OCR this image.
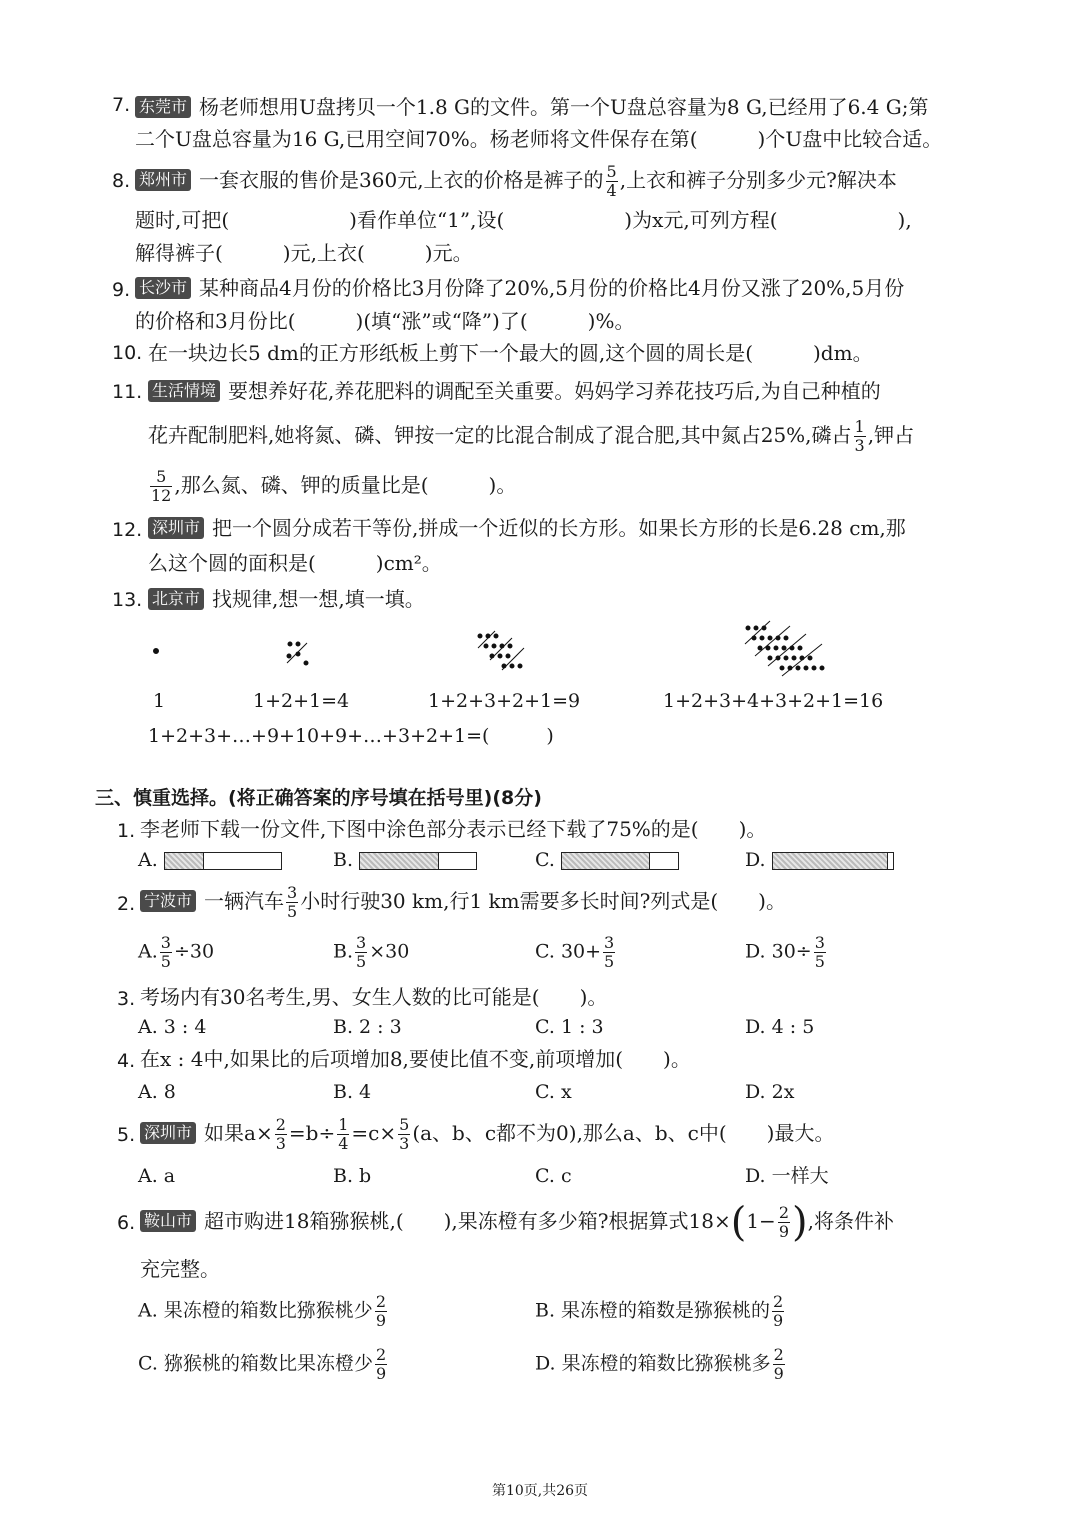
7. 东莞市 杨老师想用U盘拷贝一个1.8 G的文件。第一个U盘总容量为8 G,已经用了6.4 G;第
二个U盘总容量为16 G,已用空间70%。杨老师将文件保存在第(　　　)个U盘中比较合适。
8. 郑州市 一套衣服的售价是360元,上衣的价格是裤子的 $\frac{5}{4}$ ,上衣和裤子分别多少元?解决本
题时,可把(　　　　　　)看作单位“1”,设(　　　　　　)为x元,可列方程(　　　　　　),
解得裤子(　　　)元,上衣(　　　)元。
9. 长沙市 某种商品4月份的价格比3月份降了20%,5月份的价格比4月份又涨了20%,5月份
的价格和3月份比(　　　)(填“涨”或“降”)了(　　　)%。
10. 在一块边长5 dm的正方形纸板上剪下一个最大的圆,这个圆的周长是(　　　)dm。
11. 生活情境 要想养好花,养花肥料的调配至关重要。妈妈学习养花技巧后,为自己种植的
花卉配制肥料,她将氮、磷、钾按一定的比混合制成了混合肥,其中氮占25%,磷占 $\frac{1}{3}$ ,钾占
$\frac{5}{12}$ ,那么氮、磷、钾的质量比是(　　　)。
12. 深圳市 把一个圆分成若干等份,拼成一个近似的长方形。如果长方形的长是6.28 cm,那
么这个圆的面积是(　　　)cm²。
13. 北京市 找规律,想一想,填一填。
1	1+2+1=4	1+2+3+2+1=9	1+2+3+4+3+2+1=16
1+2+3+…+9+10+9+…+3+2+1=(　　　)
三、慎重选择。(将正确答案的序号填在括号里)(8分)
1. 李老师下载一份文件,下图中涂色部分表示已经下载了75%的是(　　)。
A.	B.	C.	D.
2. 宁波市 一辆汽车 $\frac{3}{5}$ 小时行驶30 km,行1 km需要多长时间?列式是(　　)。
A. $\frac{3}{5} \div 30$	B. $\frac{3}{5} \times 30$	C. $30+ \frac{3}{5}$	D. $30\div \frac{3}{5}$
3. 考场内有30名考生,男、女生人数的比可能是(　　)。
A. 3 : 4	B. 2 : 3	C. 1 : 3	D. 4 : 5
4. 在x : 4中,如果比的后项增加8,要使比值不变,前项增加(　　)。
A. 8	B. 4	C. x	D. 2x
5. 深圳市 如果$a\times \frac{2}{3} =b\div \frac{1}{4} =c\times \frac{5}{3} (a$、b、c都不为0),那么a、b、c中(　　)最大。
A. a	B. b	C. c	D. 一样大
6. 鞍山市 超市购进18箱猕猴桃,(　　),果冻橙有多少箱?根据算式$18\times(1- \frac{2}{9}$ ),将条件补
充完整。
A. 果冻橙的箱数比猕猴桃少 $\frac{2}{9}$	B. 果冻橙的箱数是猕猴桃的 $\frac{2}{9}$
C. 猕猴桃的箱数比果冻橙少 $\frac{2}{9}$	D. 果冻橙的箱数比猕猴桃多 $\frac{2}{9}$
第10页,共26页
